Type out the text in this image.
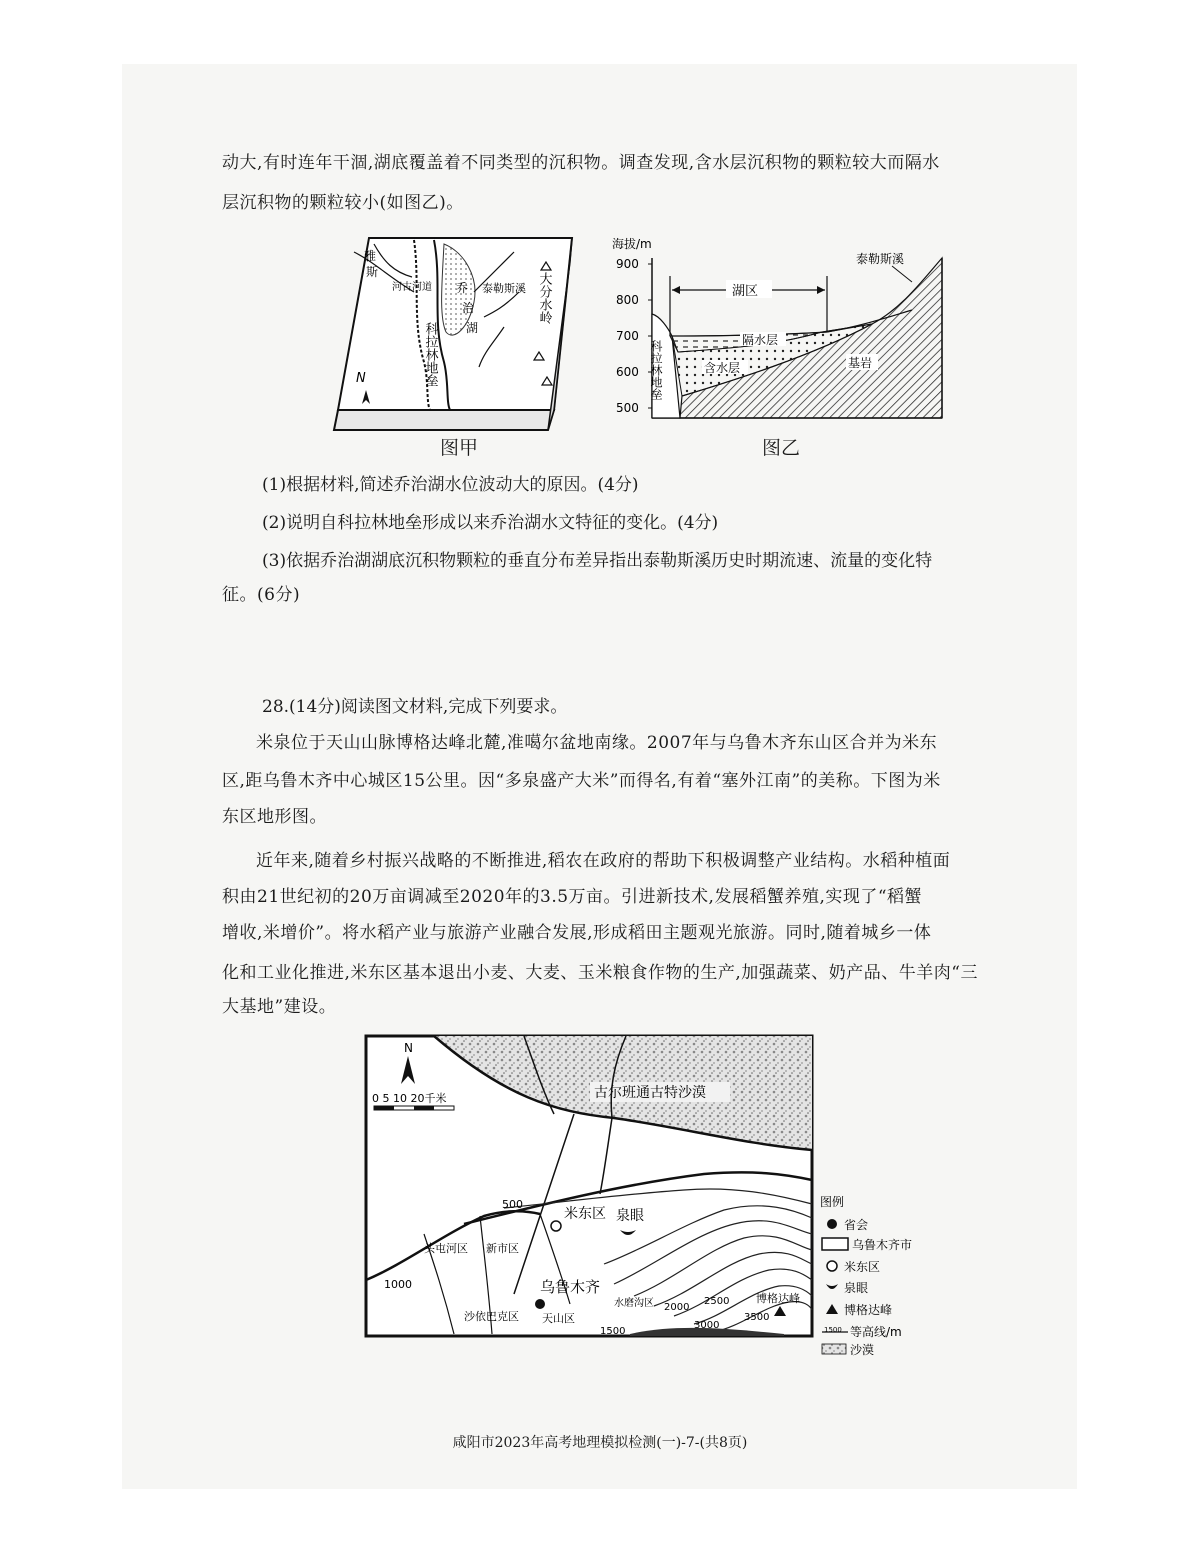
动大,有时连年干涸,湖底覆盖着不同类型的沉积物。调查发现,含水层沉积物的颗粒较大而隔水
层沉积物的颗粒较小(如图乙)。
雅
斯
河古河道 乔 泰勒斯溪
治
湖
科拉林地垒
大分水岭
N
图甲
海拔/m
900
800
700
600
500
湖区
泰勒斯溪
隔水层
含水层	基岩
科拉林地垒
图乙
(1)根据材料,简述乔治湖水位波动大的原因。(4分)
(2)说明自科拉林地垒形成以来乔治湖水文特征的变化。(4分)
(3)依据乔治湖湖底沉积物颗粒的垂直分布差异指出泰勒斯溪历史时期流速、流量的变化特
征。(6分)
28.(14分)阅读图文材料,完成下列要求。
米泉位于天山山脉博格达峰北麓,准噶尔盆地南缘。2007年与乌鲁木齐东山区合并为米东
区,距乌鲁木齐中心城区15公里。因“多泉盛产大米”而得名,有着“塞外江南”的美称。下图为米
东区地形图。
近年来,随着乡村振兴战略的不断推进,稻农在政府的帮助下积极调整产业结构。水稻种植面
积由21世纪初的20万亩调减至2020年的3.5万亩。引进新技术,发展稻蟹养殖,实现了“稻蟹
增收,米增价”。将水稻产业与旅游产业融合发展,形成稻田主题观光旅游。同时,随着城乡一体
化和工业化推进,米东区基本退出小麦、大麦、玉米粮食作物的生产,加强蔬菜、奶产品、牛羊肉“三
大基地”建设。
古尔班通古特沙漠
N
0 5 10 20千米
500
1000
米东区 泉眼
头屯河区 新市区
乌鲁木齐
沙依巴克区 天山区
水磨沟区
1500
2000
2500
3000
3500
博格达峰
图例
省会
乌鲁木齐市
米东区
泉眼
博格达峰
1500 等高线/m
沙漠
咸阳市2023年高考地理模拟检测(一)-7-(共8页)
